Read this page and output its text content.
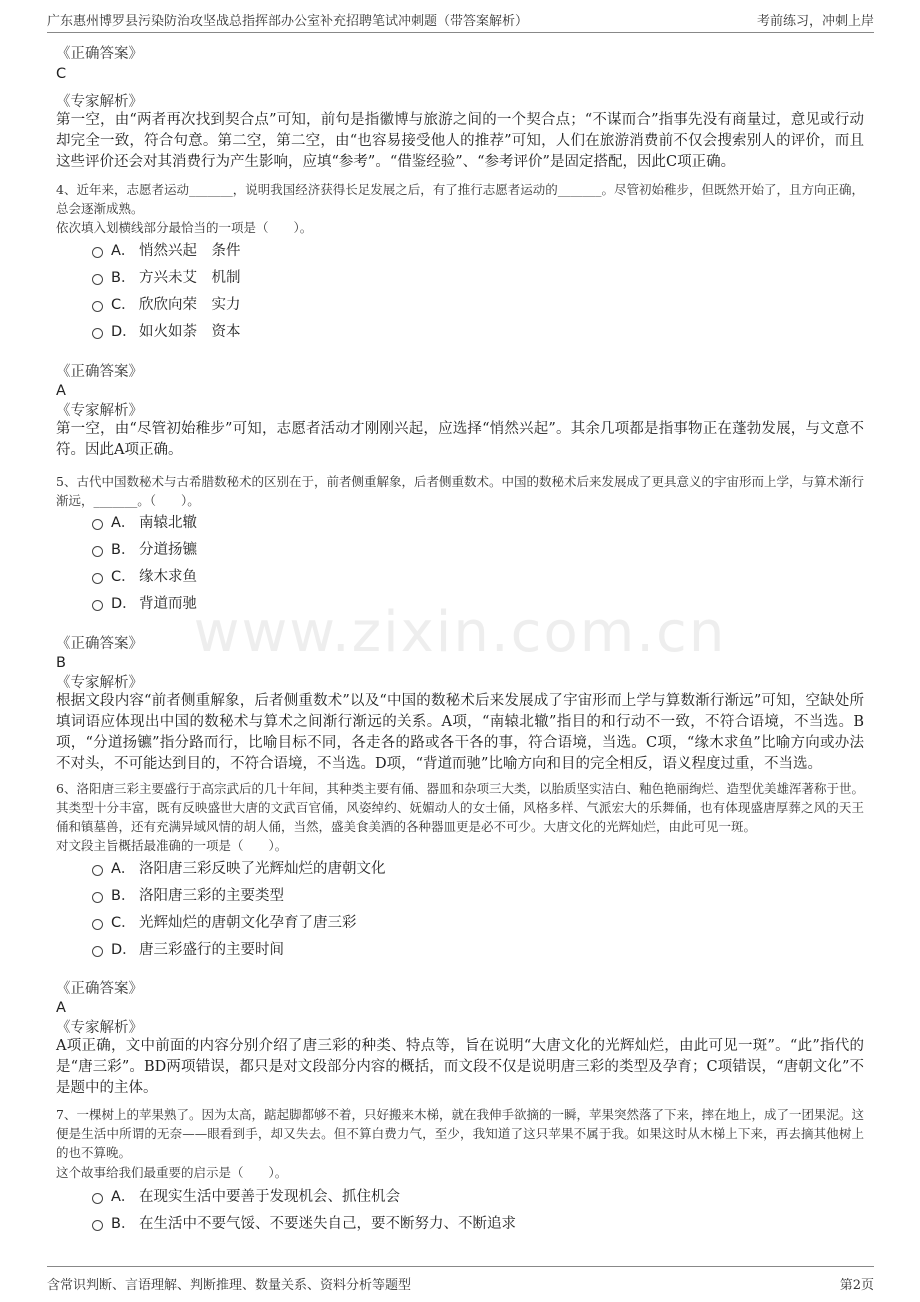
广东惠州博罗县污染防治攻坚战总指挥部办公室补充招聘笔试冲刺题（带答案解析）	考前练习，冲刺上岸
www.zixin.com.cn
《正确答案》
C
《专家解析》
第一空，由“两者再次找到契合点”可知，前句是指徽博与旅游之间的一个契合点；“不谋而合”指事先没有商量过，意见或行动却完全一致，符合句意。第二空，第二空，由“也容易接受他人的推荐”可知，人们在旅游消费前不仅会搜索别人的评价，而且这些评价还会对其消费行为产生影响，应填“参考”。“借鉴经验”、“参考评价”是固定搭配，因此C项正确。
4、近年来，志愿者运动_______，说明我国经济获得长足发展之后，有了推行志愿者运动的_______。尽管初始稚步，但既然开始了，且方向正确，总会逐渐成熟。
依次填入划横线部分最恰当的一项是（　　）。
A． 悄然兴起　条件
B． 方兴未艾　机制
C． 欣欣向荣　实力
D． 如火如荼　资本
《正确答案》
A
《专家解析》
第一空，由“尽管初始稚步”可知，志愿者活动才刚刚兴起，应选择“悄然兴起”。其余几项都是指事物正在蓬勃发展，与文意不符。因此A项正确。
5、古代中国数秘术与古希腊数秘术的区别在于，前者侧重解象，后者侧重数术。中国的数秘术后来发展成了更具意义的宇宙形而上学，与算术渐行渐远，_______。（　　）。
A． 南辕北辙
B． 分道扬镳
C． 缘木求鱼
D． 背道而驰
《正确答案》
B
《专家解析》
根据文段内容“前者侧重解象，后者侧重数术”以及“中国的数秘术后来发展成了宇宙形而上学与算数渐行渐远”可知，空缺处所填词语应体现出中国的数秘术与算术之间渐行渐远的关系。A项，“南辕北辙”指目的和行动不一致，不符合语境，不当选。B项，“分道扬镳”指分路而行，比喻目标不同，各走各的路或各干各的事，符合语境，当选。C项，“缘木求鱼”比喻方向或办法不对头，不可能达到目的，不符合语境，不当选。D项，“背道而驰”比喻方向和目的完全相反，语义程度过重，不当选。
6、洛阳唐三彩主要盛行于高宗武后的几十年间，其种类主要有俑、器皿和杂项三大类，以胎质坚实洁白、釉色艳丽绚烂、造型优美雄浑著称于世。其类型十分丰富，既有反映盛世大唐的文武百官俑，风姿绰约、妩媚动人的女士俑，风格多样、气派宏大的乐舞俑，也有体现盛唐厚葬之风的天王俑和镇墓兽，还有充满异域风情的胡人俑，当然，盛美食美酒的各种器皿更是必不可少。大唐文化的光辉灿烂，由此可见一斑。
对文段主旨概括最准确的一项是（　　）。
A． 洛阳唐三彩反映了光辉灿烂的唐朝文化
B． 洛阳唐三彩的主要类型
C． 光辉灿烂的唐朝文化孕育了唐三彩
D． 唐三彩盛行的主要时间
《正确答案》
A
《专家解析》
A项正确，文中前面的内容分别介绍了唐三彩的种类、特点等，旨在说明“大唐文化的光辉灿烂，由此可见一斑”。“此”指代的是“唐三彩”。BD两项错误，都只是对文段部分内容的概括，而文段不仅是说明唐三彩的类型及孕育；C项错误，“唐朝文化”不是题中的主体。
7、一棵树上的苹果熟了。因为太高，踮起脚都够不着，只好搬来木梯，就在我伸手欲摘的一瞬，苹果突然落了下来，摔在地上，成了一团果泥。这便是生活中所谓的无奈——眼看到手，却又失去。但不算白费力气，至少，我知道了这只苹果不属于我。如果这时从木梯上下来，再去摘其他树上的也不算晚。
这个故事给我们最重要的启示是（　　）。
A． 在现实生活中要善于发现机会、抓住机会
B． 在生活中不要气馁、不要迷失自己，要不断努力、不断追求
含常识判断、言语理解、判断推理、数量关系、资料分析等题型	第2页
